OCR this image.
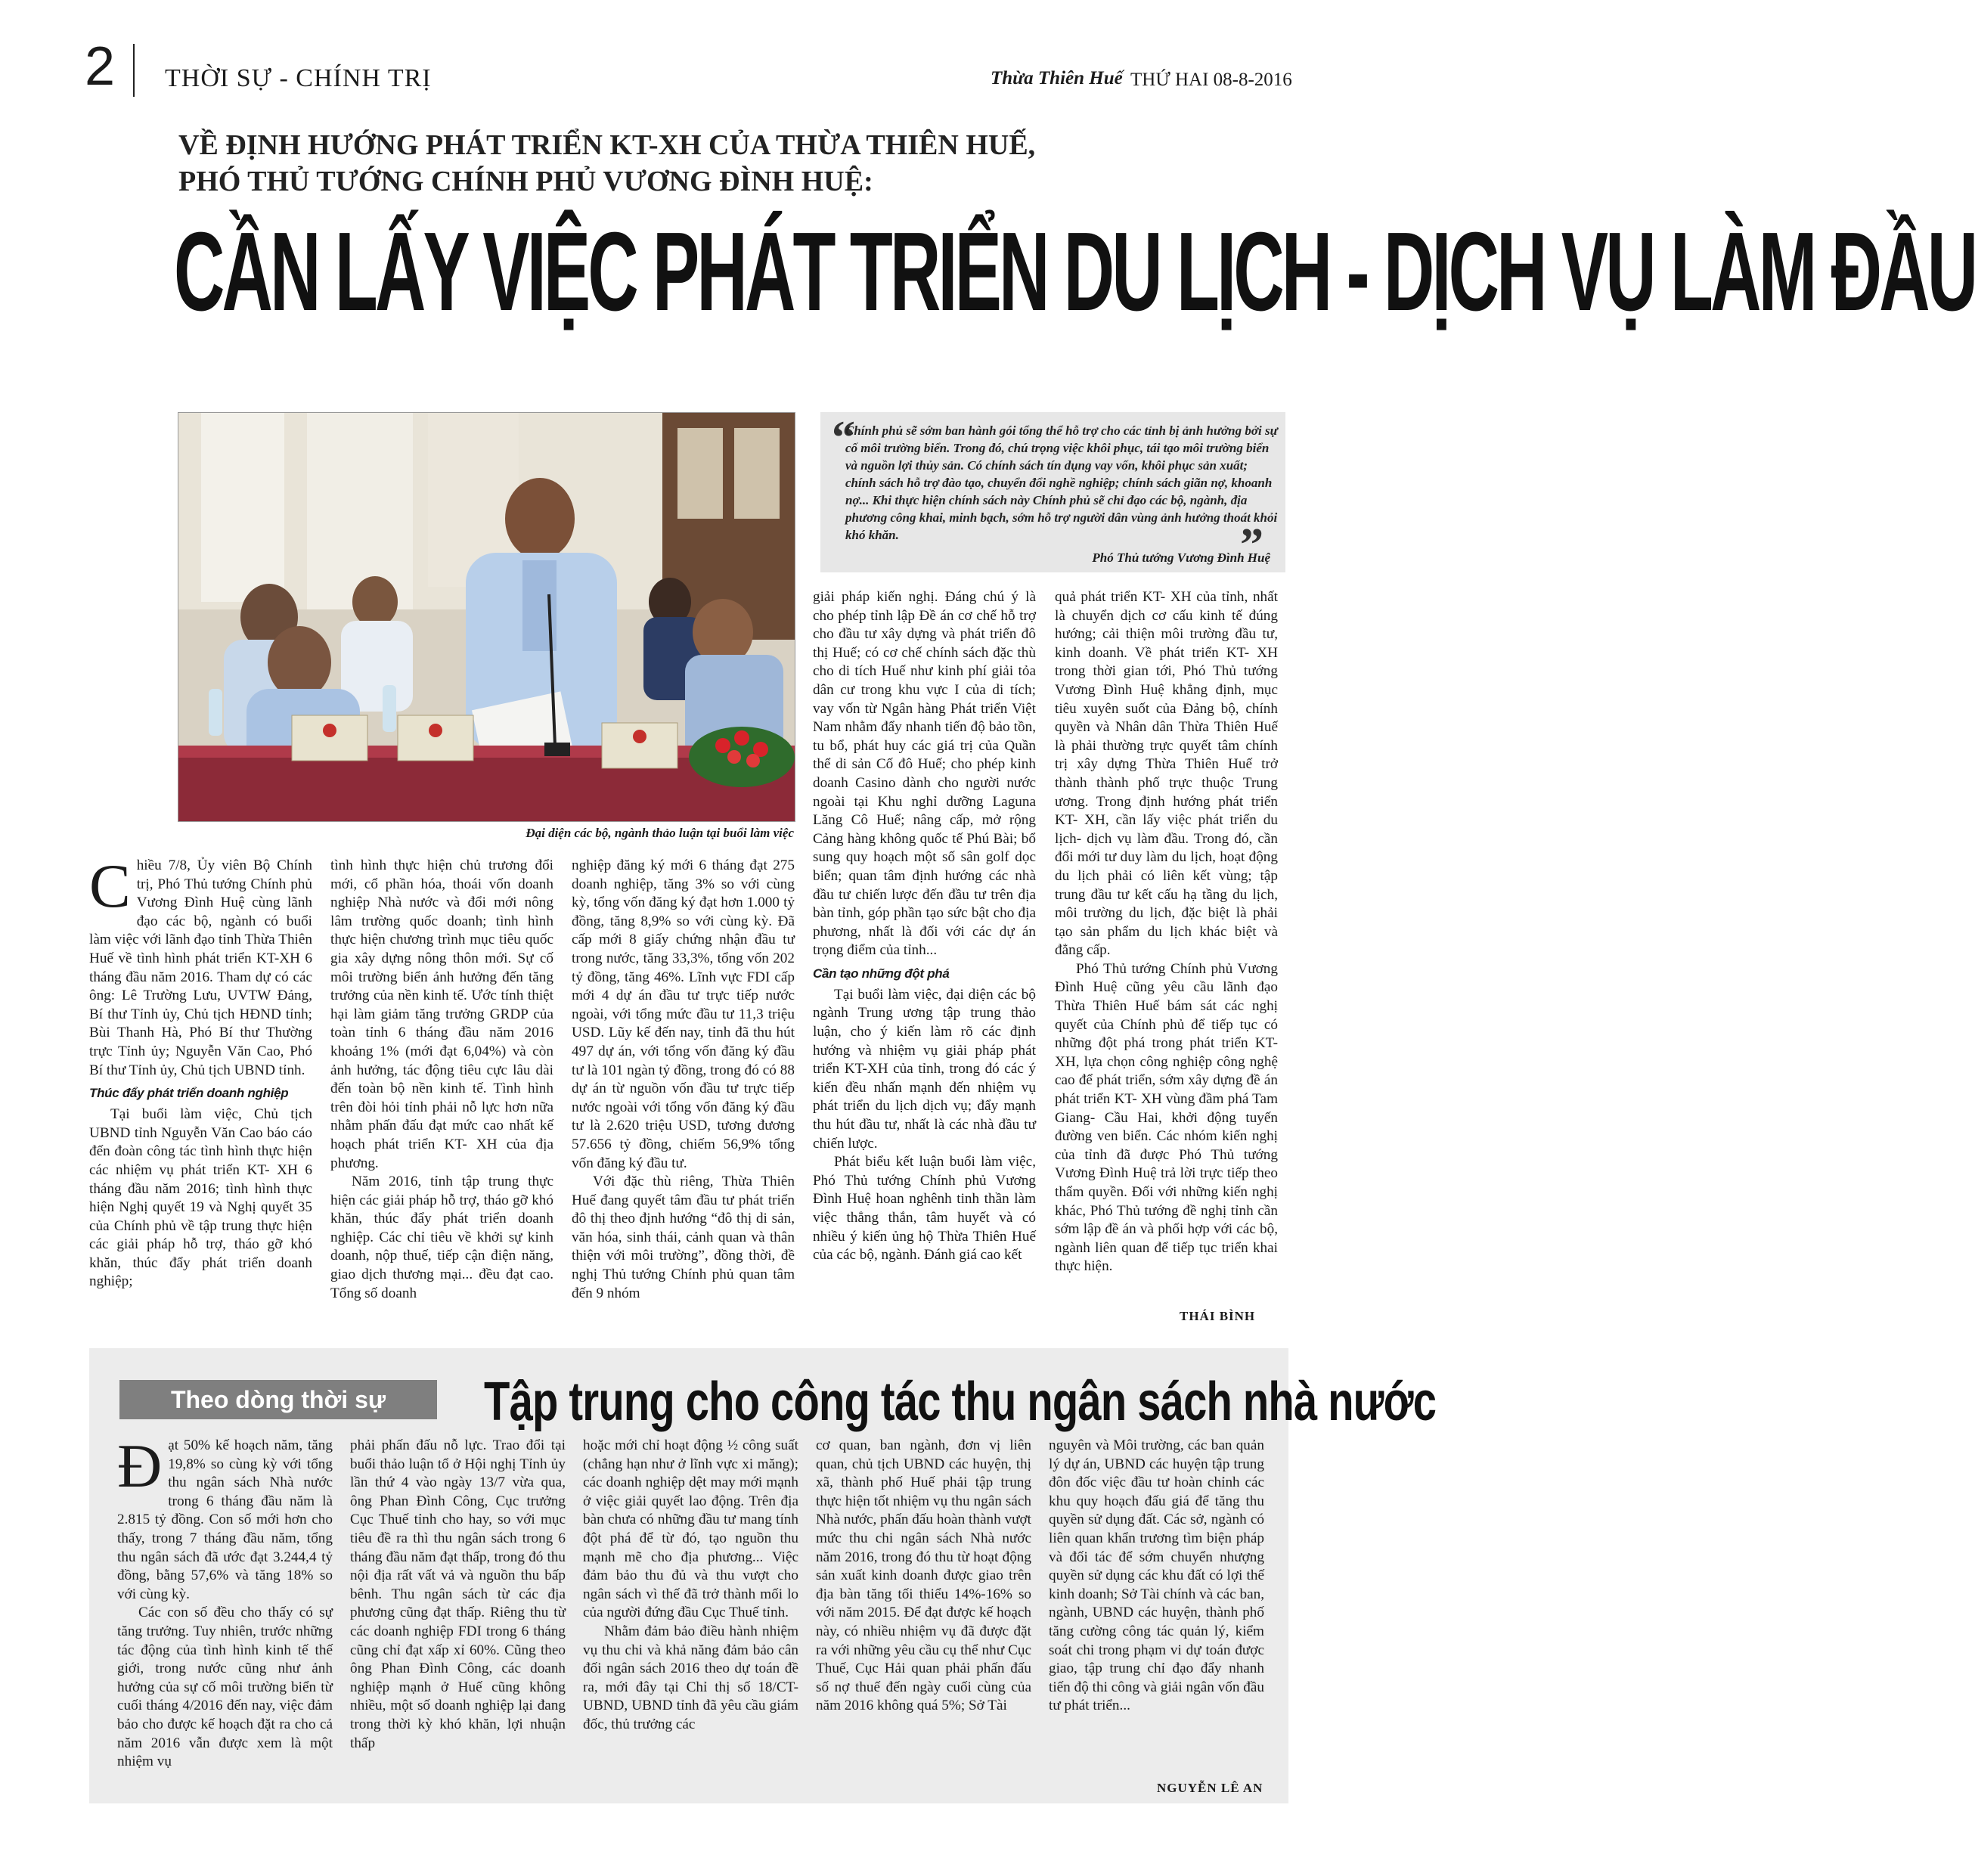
2 THỜI SỰ - CHÍNH TRỊ	Thừa Thiên Huế THỨ HAI 08-8-2016
VỀ ĐỊNH HƯỚNG PHÁT TRIỂN KT-XH CỦA THỪA THIÊN HUẾ,
PHÓ THỦ TƯỚNG CHÍNH PHỦ VƯƠNG ĐÌNH HUỆ:
CẦN LẤY VIỆC PHÁT TRIỂN DU LỊCH - DỊCH VỤ LÀM ĐẦU
Đại diện các bộ, ngành thảo luận tại buổi làm việc
“
Chính phủ sẽ sớm ban hành gói tổng thể hỗ trợ cho các tỉnh bị ảnh hưởng bởi sự cố môi trường biển. Trong đó, chú trọng việc khôi phục, tái tạo môi trường biển và nguồn lợi thủy sản. Có chính sách tín dụng vay vốn, khôi phục sản xuất; chính sách hỗ trợ đào tạo, chuyển đổi nghề nghiệp; chính sách giãn nợ, khoanh nợ... Khi thực hiện chính sách này Chính phủ sẽ chỉ đạo các bộ, ngành, địa phương công khai, minh bạch, sớm hỗ trợ người dân vùng ảnh hưởng thoát khỏi khó khăn.	”
Phó Thủ tướng Vương Đình Huệ

Chiều 7/8, Ủy viên Bộ Chính trị, Phó Thủ tướng Chính phủ Vương Đình Huệ cùng lãnh đạo các bộ, ngành có buổi làm việc với lãnh đạo tỉnh Thừa Thiên Huế về tình hình phát triển KT-XH 6 tháng đầu năm 2016. Tham dự có các ông: Lê Trường Lưu, UVTW Đảng, Bí thư Tỉnh ủy, Chủ tịch HĐND tỉnh; Bùi Thanh Hà, Phó Bí thư Thường trực Tỉnh ủy; Nguyễn Văn Cao, Phó Bí thư Tỉnh ủy, Chủ tịch UBND tỉnh.

Thúc đẩy phát triển doanh nghiệp

Tại buổi làm việc, Chủ tịch UBND tỉnh Nguyễn Văn Cao báo cáo đến đoàn công tác tình hình thực hiện các nhiệm vụ phát triển KT- XH 6 tháng đầu năm 2016; tình hình thực hiện Nghị quyết 19 và Nghị quyết 35 của Chính phủ về tập trung thực hiện các giải pháp hỗ trợ, tháo gỡ khó khăn, thúc đẩy phát triển doanh nghiệp;

tình hình thực hiện chủ trương đổi mới, cổ phần hóa, thoái vốn doanh nghiệp Nhà nước và đổi mới nông lâm trường quốc doanh; tình hình thực hiện chương trình mục tiêu quốc gia xây dựng nông thôn mới. Sự cố môi trường biển ảnh hưởng đến tăng trưởng của nền kinh tế. Ước tính thiệt hại làm giảm tăng trưởng GRDP của toàn tỉnh 6 tháng đầu năm 2016 khoảng 1% (mới đạt 6,04%) và còn ảnh hưởng, tác động tiêu cực lâu dài đến toàn bộ nền kinh tế. Tình hình trên đòi hỏi tỉnh phải nỗ lực hơn nữa nhằm phấn đấu đạt mức cao nhất kế hoạch phát triển KT- XH của địa phương.

Năm 2016, tỉnh tập trung thực hiện các giải pháp hỗ trợ, tháo gỡ khó khăn, thúc đẩy phát triển doanh nghiệp. Các chỉ tiêu về khởi sự kinh doanh, nộp thuế, tiếp cận điện năng, giao dịch thương mại... đều đạt cao. Tổng số doanh

nghiệp đăng ký mới 6 tháng đạt 275 doanh nghiệp, tăng 3% so với cùng kỳ, tổng vốn đăng ký đạt hơn 1.000 tỷ đồng, tăng 8,9% so với cùng kỳ. Đã cấp mới 8 giấy chứng nhận đầu tư trong nước, tăng 33,3%, tổng vốn 202 tỷ đồng, tăng 46%. Lĩnh vực FDI cấp mới 4 dự án đầu tư trực tiếp nước ngoài, với tổng mức đầu tư 11,3 triệu USD. Lũy kế đến nay, tỉnh đã thu hút 497 dự án, với tổng vốn đăng ký đầu tư là 101 ngàn tỷ đồng, trong đó có 88 dự án từ nguồn vốn đầu tư trực tiếp nước ngoài với tổng vốn đăng ký đầu tư là 2.620 triệu USD, tương đương 57.656 tỷ đồng, chiếm 56,9% tổng vốn đăng ký đầu tư.

Với đặc thù riêng, Thừa Thiên Huế đang quyết tâm đầu tư phát triển đô thị theo định hướng “đô thị di sản, văn hóa, sinh thái, cảnh quan và thân thiện với môi trường”, đồng thời, đề nghị Thủ tướng Chính phủ quan tâm đến 9 nhóm

giải pháp kiến nghị. Đáng chú ý là cho phép tỉnh lập Đề án cơ chế hỗ trợ cho đầu tư xây dựng và phát triển đô thị Huế; có cơ chế chính sách đặc thù cho di tích Huế như kinh phí giải tỏa dân cư trong khu vực I của di tích; vay vốn từ Ngân hàng Phát triển Việt Nam nhằm đẩy nhanh tiến độ bảo tồn, tu bổ, phát huy các giá trị của Quần thể di sản Cố đô Huế; cho phép kinh doanh Casino dành cho người nước ngoài tại Khu nghỉ dưỡng Laguna Lăng Cô Huế; nâng cấp, mở rộng Cảng hàng không quốc tế Phú Bài; bổ sung quy hoạch một số sân golf dọc biển; quan tâm định hướng các nhà đầu tư chiến lược đến đầu tư trên địa bàn tỉnh, góp phần tạo sức bật cho địa phương, nhất là đối với các dự án trọng điểm của tỉnh...

Cần tạo những đột phá

Tại buổi làm việc, đại diện các bộ ngành Trung ương tập trung thảo luận, cho ý kiến làm rõ các định hướng và nhiệm vụ giải pháp phát triển KT-XH của tỉnh, trong đó các ý kiến đều nhấn mạnh đến nhiệm vụ phát triển du lịch dịch vụ; đẩy mạnh thu hút đầu tư, nhất là các nhà đầu tư chiến lược.

Phát biểu kết luận buổi làm việc, Phó Thủ tướng Chính phủ Vương Đình Huệ hoan nghênh tinh thần làm việc thẳng thắn, tâm huyết và có nhiều ý kiến ủng hộ Thừa Thiên Huế của các bộ, ngành. Đánh giá cao kết

quả phát triển KT- XH của tỉnh, nhất là chuyển dịch cơ cấu kinh tế đúng hướng; cải thiện môi trường đầu tư, kinh doanh. Về phát triển KT- XH trong thời gian tới, Phó Thủ tướng Vương Đình Huệ khẳng định, mục tiêu xuyên suốt của Đảng bộ, chính quyền và Nhân dân Thừa Thiên Huế là phải thường trực quyết tâm chính trị xây dựng Thừa Thiên Huế trở thành thành phố trực thuộc Trung ương. Trong định hướng phát triển KT- XH, cần lấy việc phát triển du lịch- dịch vụ làm đầu. Trong đó, cần đổi mới tư duy làm du lịch, hoạt động du lịch phải có liên kết vùng; tập trung đầu tư kết cấu hạ tầng du lịch, môi trường du lịch, đặc biệt là phải tạo sản phẩm du lịch khác biệt và đẳng cấp.

Phó Thủ tướng Chính phủ Vương Đình Huệ cũng yêu cầu lãnh đạo Thừa Thiên Huế bám sát các nghị quyết của Chính phủ để tiếp tục có những đột phá trong phát triển KT- XH, lựa chọn công nghiệp công nghệ cao để phát triển, sớm xây dựng đề án phát triển KT- XH vùng đầm phá Tam Giang- Cầu Hai, khởi động tuyến đường ven biển. Các nhóm kiến nghị của tỉnh đã được Phó Thủ tướng Vương Đình Huệ trả lời trực tiếp theo thẩm quyền. Đối với những kiến nghị khác, Phó Thủ tướng đề nghị tỉnh cần sớm lập đề án và phối hợp với các bộ, ngành liên quan để tiếp tục triển khai thực hiện.

THÁI BÌNH
Theo dòng thời sự	Tập trung cho công tác thu ngân sách nhà nước

Đạt 50% kế hoạch năm, tăng 19,8% so cùng kỳ với tổng thu ngân sách Nhà nước trong 6 tháng đầu năm là 2.815 tỷ đồng. Con số mới hơn cho thấy, trong 7 tháng đầu năm, tổng thu ngân sách đã ước đạt 3.244,4 tỷ đồng, bằng 57,6% và tăng 18% so với cùng kỳ.

Các con số đều cho thấy có sự tăng trưởng. Tuy nhiên, trước những tác động của tình hình kinh tế thế giới, trong nước cũng như ảnh hưởng của sự cố môi trường biển từ cuối tháng 4/2016 đến nay, việc đảm bảo cho được kế hoạch đặt ra cho cả năm 2016 vẫn được xem là một nhiệm vụ

phải phấn đấu nỗ lực. Trao đổi tại buổi thảo luận tổ ở Hội nghị Tỉnh ủy lần thứ 4 vào ngày 13/7 vừa qua, ông Phan Đình Công, Cục trưởng Cục Thuế tỉnh cho hay, so với mục tiêu đề ra thì thu ngân sách trong 6 tháng đầu năm đạt thấp, trong đó thu nội địa rất vất vả và nguồn thu bấp bênh. Thu ngân sách từ các địa phương cũng đạt thấp. Riêng thu từ các doanh nghiệp FDI trong 6 tháng cũng chỉ đạt xấp xỉ 60%. Cũng theo ông Phan Đình Công, các doanh nghiệp mạnh ở Huế cũng không nhiều, một số doanh nghiệp lại đang trong thời kỳ khó khăn, lợi nhuận thấp

hoặc mới chỉ hoạt động ½ công suất (chẳng hạn như ở lĩnh vực xi măng); các doanh nghiệp dệt may mới mạnh ở việc giải quyết lao động. Trên địa bàn chưa có những đầu tư mang tính đột phá để từ đó, tạo nguồn thu mạnh mẽ cho địa phương... Việc đảm bảo thu đủ và thu vượt cho ngân sách vì thế đã trở thành mối lo của người đứng đầu Cục Thuế tỉnh.

Nhằm đảm bảo điều hành nhiệm vụ thu chi và khả năng đảm bảo cân đối ngân sách 2016 theo dự toán đề ra, mới đây tại Chỉ thị số 18/CT-UBND, UBND tỉnh đã yêu cầu giám đốc, thủ trưởng các

cơ quan, ban ngành, đơn vị liên quan, chủ tịch UBND các huyện, thị xã, thành phố Huế phải tập trung thực hiện tốt nhiệm vụ thu ngân sách Nhà nước, phấn đấu hoàn thành vượt mức thu chi ngân sách Nhà nước năm 2016, trong đó thu từ hoạt động sản xuất kinh doanh được giao trên địa bàn tăng tối thiểu 14%-16% so với năm 2015. Để đạt được kế hoạch này, có nhiều nhiệm vụ đã được đặt ra với những yêu cầu cụ thể như Cục Thuế, Cục Hải quan phải phấn đấu số nợ thuế đến ngày cuối cùng của năm 2016 không quá 5%; Sở Tài

nguyên và Môi trường, các ban quản lý dự án, UBND các huyện tập trung đôn đốc việc đầu tư hoàn chỉnh các khu quy hoạch đấu giá để tăng thu quyền sử dụng đất. Các sở, ngành có liên quan khẩn trương tìm biện pháp và đối tác để sớm chuyển nhượng quyền sử dụng các khu đất có lợi thế kinh doanh; Sở Tài chính và các ban, ngành, UBND các huyện, thành phố tăng cường công tác quản lý, kiểm soát chi trong phạm vi dự toán được giao, tập trung chỉ đạo đẩy nhanh tiến độ thi công và giải ngân vốn đầu tư phát triển...

NGUYỄN LÊ AN
